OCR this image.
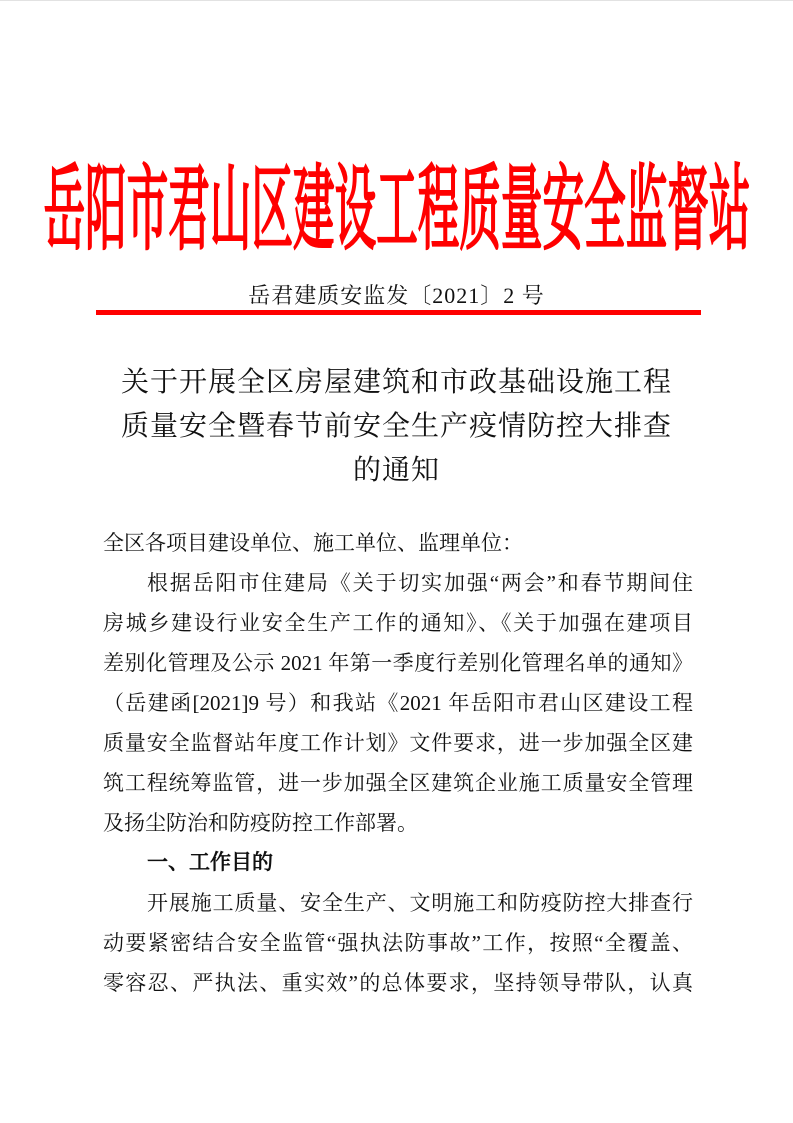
岳阳市君山区建设工程质量安全监督站
岳君建质安监发〔2021〕2 号
关于开展全区房屋建筑和市政基础设施工程
质量安全暨春节前安全生产疫情防控大排查
的通知
全区各项目建设单位、施工单位、监理单位：
根据岳阳市住建局《关于切实加强“两会”和春节期间住
房城乡建设行业安全生产工作的通知》、《关于加强在建项目
差别化管理及公示 2021 年第一季度行差别化管理名单的通知》
（岳建函[2021]9 号）和我站《2021 年岳阳市君山区建设工程
质量安全监督站年度工作计划》文件要求，进一步加强全区建
筑工程统筹监管，进一步加强全区建筑企业施工质量安全管理
及扬尘防治和防疫防控工作部署。
一、工作目的
开展施工质量、安全生产、文明施工和防疫防控大排查行
动要紧密结合安全监管“强执法防事故”工作，按照“全覆盖、
零容忍、严执法、重实效”的总体要求，坚持领导带队，认真
